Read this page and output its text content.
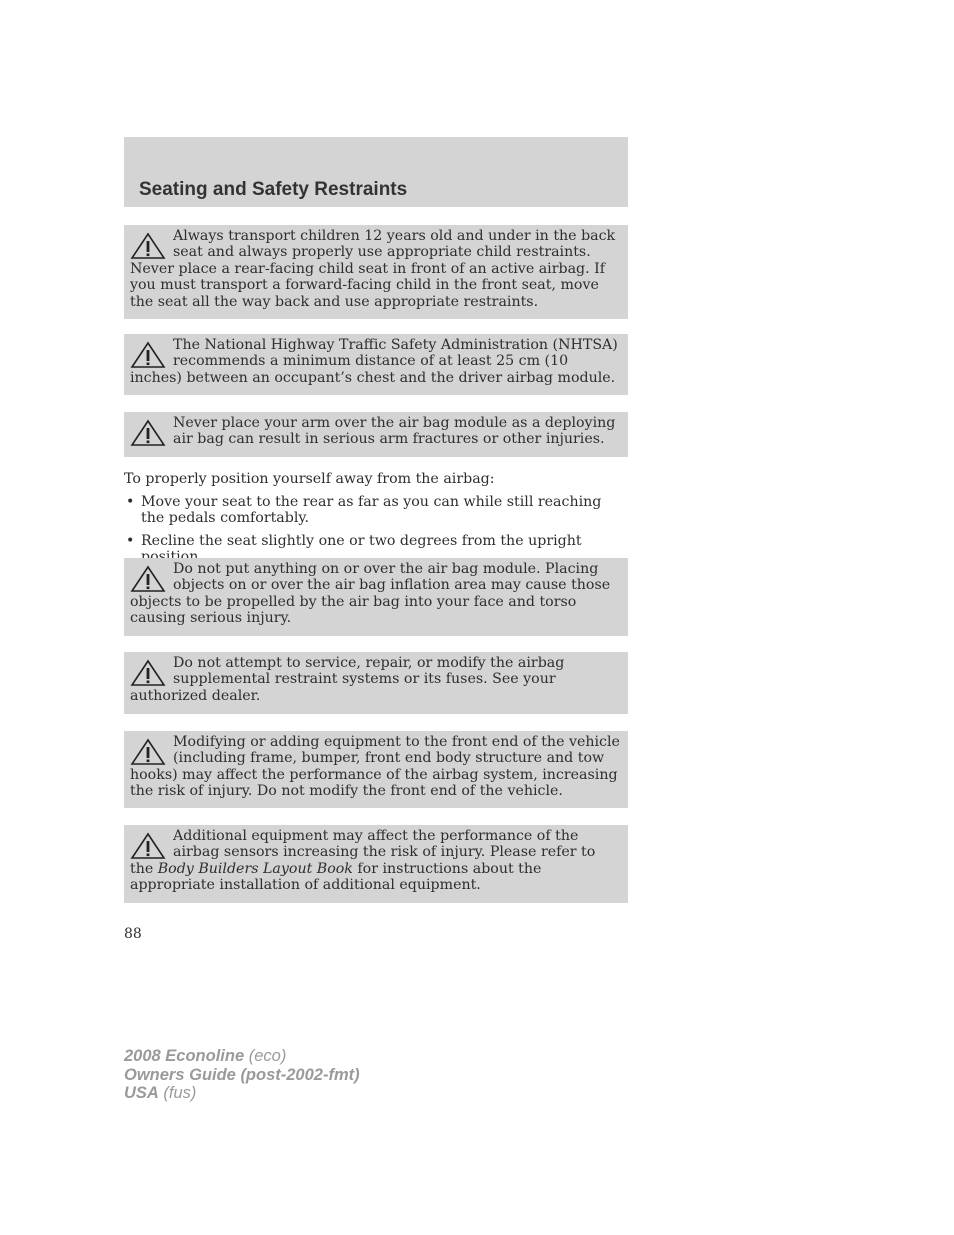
Seating and Safety Restraints

Always transport children 12 years old and under in the back seat and always properly use appropriate child restraints. Never place a rear-facing child seat in front of an active airbag. If you must transport a forward-facing child in the front seat, move the seat all the way back and use appropriate restraints.

The National Highway Traffic Safety Administration (NHTSA) recommends a minimum distance of at least 25 cm (10 inches) between an occupant’s chest and the driver airbag module.

Never place your arm over the air bag module as a deploying air bag can result in serious arm fractures or other injuries.

To properly position yourself away from the airbag:

• Move your seat to the rear as far as you can while still reaching the pedals comfortably.
• Recline the seat slightly one or two degrees from the upright

Do not put anything on or over the air bag module. Placing objects on or over the air bag inflation area may cause those objects to be propelled by the air bag into your face and torso causing serious injury.

Do not attempt to service, repair, or modify the airbag supplemental restraint systems or its fuses. See your authorized dealer.

Modifying or adding equipment to the front end of the vehicle (including frame, bumper, front end body structure and tow hooks) may affect the performance of the airbag system, increasing the risk of injury. Do not modify the front end of the vehicle.

Additional equipment may affect the performance of the airbag sensors increasing the risk of injury. Please refer to the Body Builders Layout Book for instructions about the appropriate installation of additional equipment.

88

2008 Econoline (eco)
Owners Guide (post-2002-fmt)
USA (fus)
